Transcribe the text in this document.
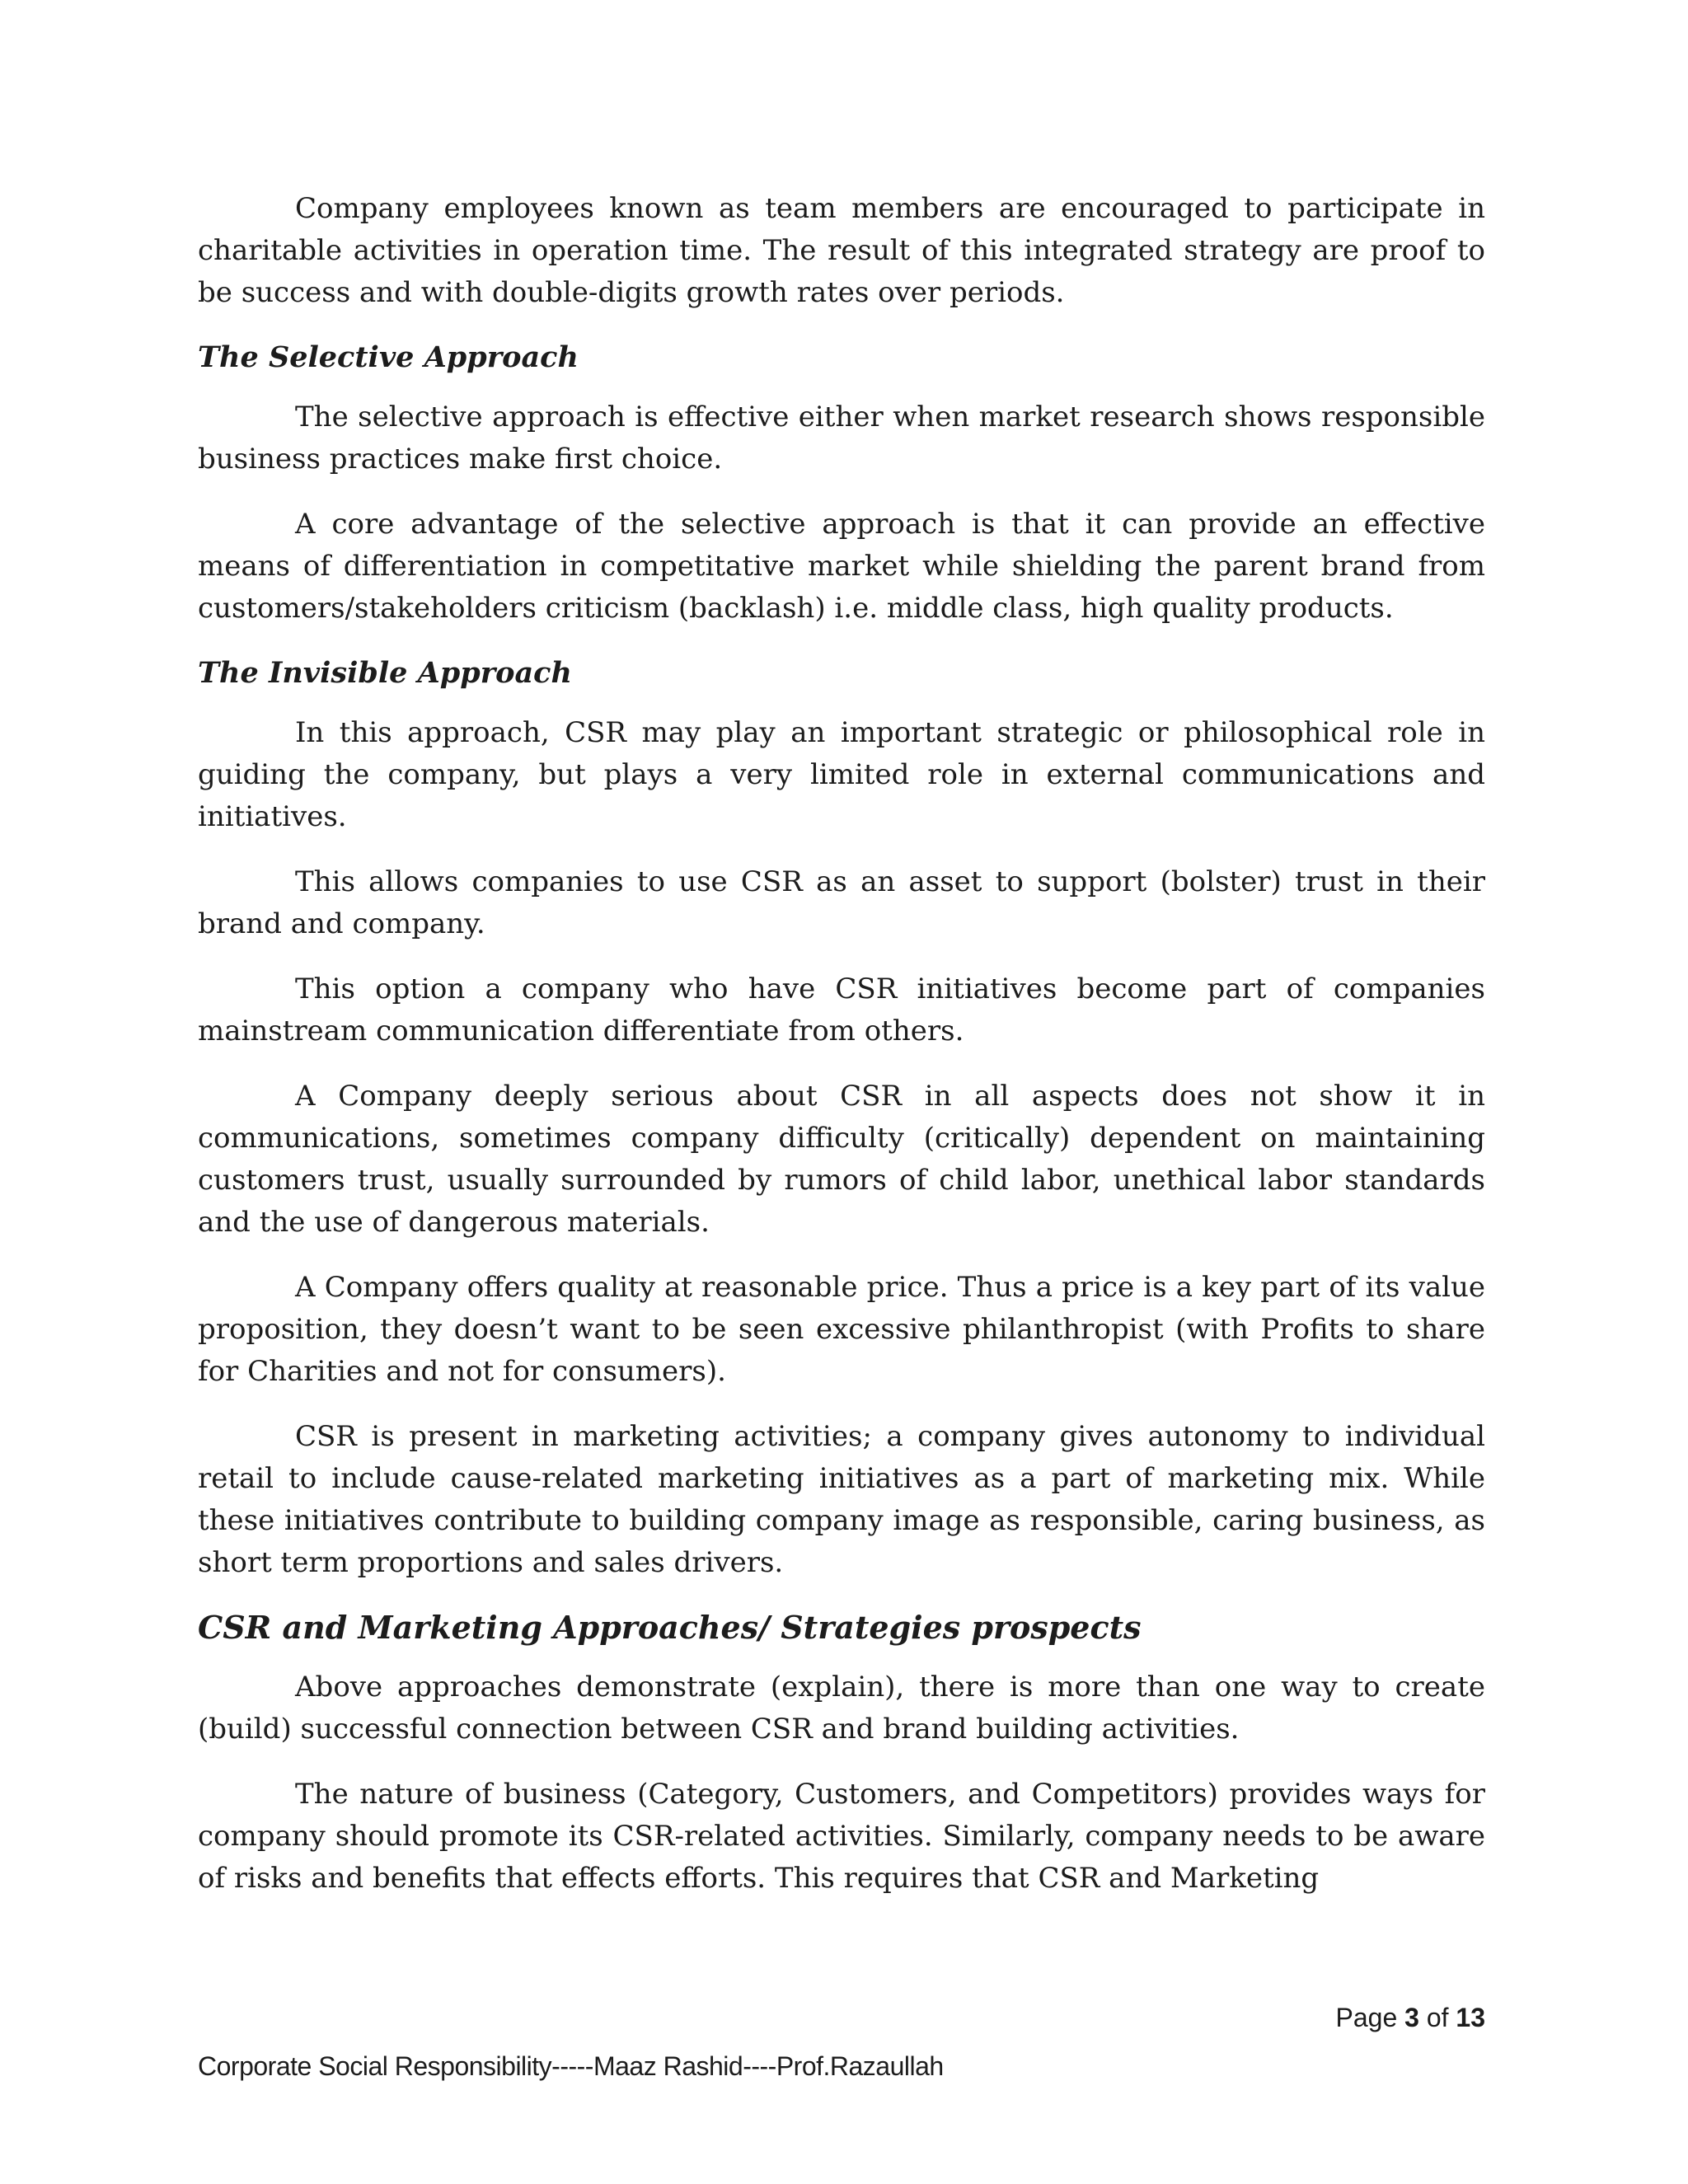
Company employees known as team members are encouraged to participate in charitable activities in operation time. The result of this integrated strategy are proof to be success and with double-digits growth rates over periods.

The Selective Approach

The selective approach is effective either when market research shows responsible business practices make first choice.

A core advantage of the selective approach is that it can provide an effective means of differentiation in competitative market while shielding the parent brand from customers/stakeholders criticism (backlash) i.e. middle class, high quality products.

The Invisible Approach

In this approach, CSR may play an important strategic or philosophical role in guiding the company, but plays a very limited role in external communications and initiatives.

This allows companies to use CSR as an asset to support (bolster) trust in their brand and company.

This option a company who have CSR initiatives become part of companies mainstream communication differentiate from others.

A Company deeply serious about CSR in all aspects does not show it in communications, sometimes company difficulty (critically) dependent on maintaining customers trust, usually surrounded by rumors of child labor, unethical labor standards and the use of dangerous materials.

A Company offers quality at reasonable price. Thus a price is a key part of its value proposition, they doesn’t want to be seen excessive philanthropist (with Profits to share for Charities and not for consumers).

CSR is present in marketing activities; a company gives autonomy to individual retail to include cause-related marketing initiatives as a part of marketing mix. While these initiatives contribute to building company image as responsible, caring business, as short term proportions and sales drivers.

CSR and Marketing Approaches/ Strategies prospects

Above approaches demonstrate (explain), there is more than one way to create (build) successful connection between CSR and brand building activities.

The nature of business (Category, Customers, and Competitors) provides ways for company should promote its CSR-related activities. Similarly, company needs to be aware of risks and benefits that effects efforts. This requires that CSR and Marketing

Page 3 of 13
Corporate Social Responsibility-----Maaz Rashid----Prof.Razaullah
